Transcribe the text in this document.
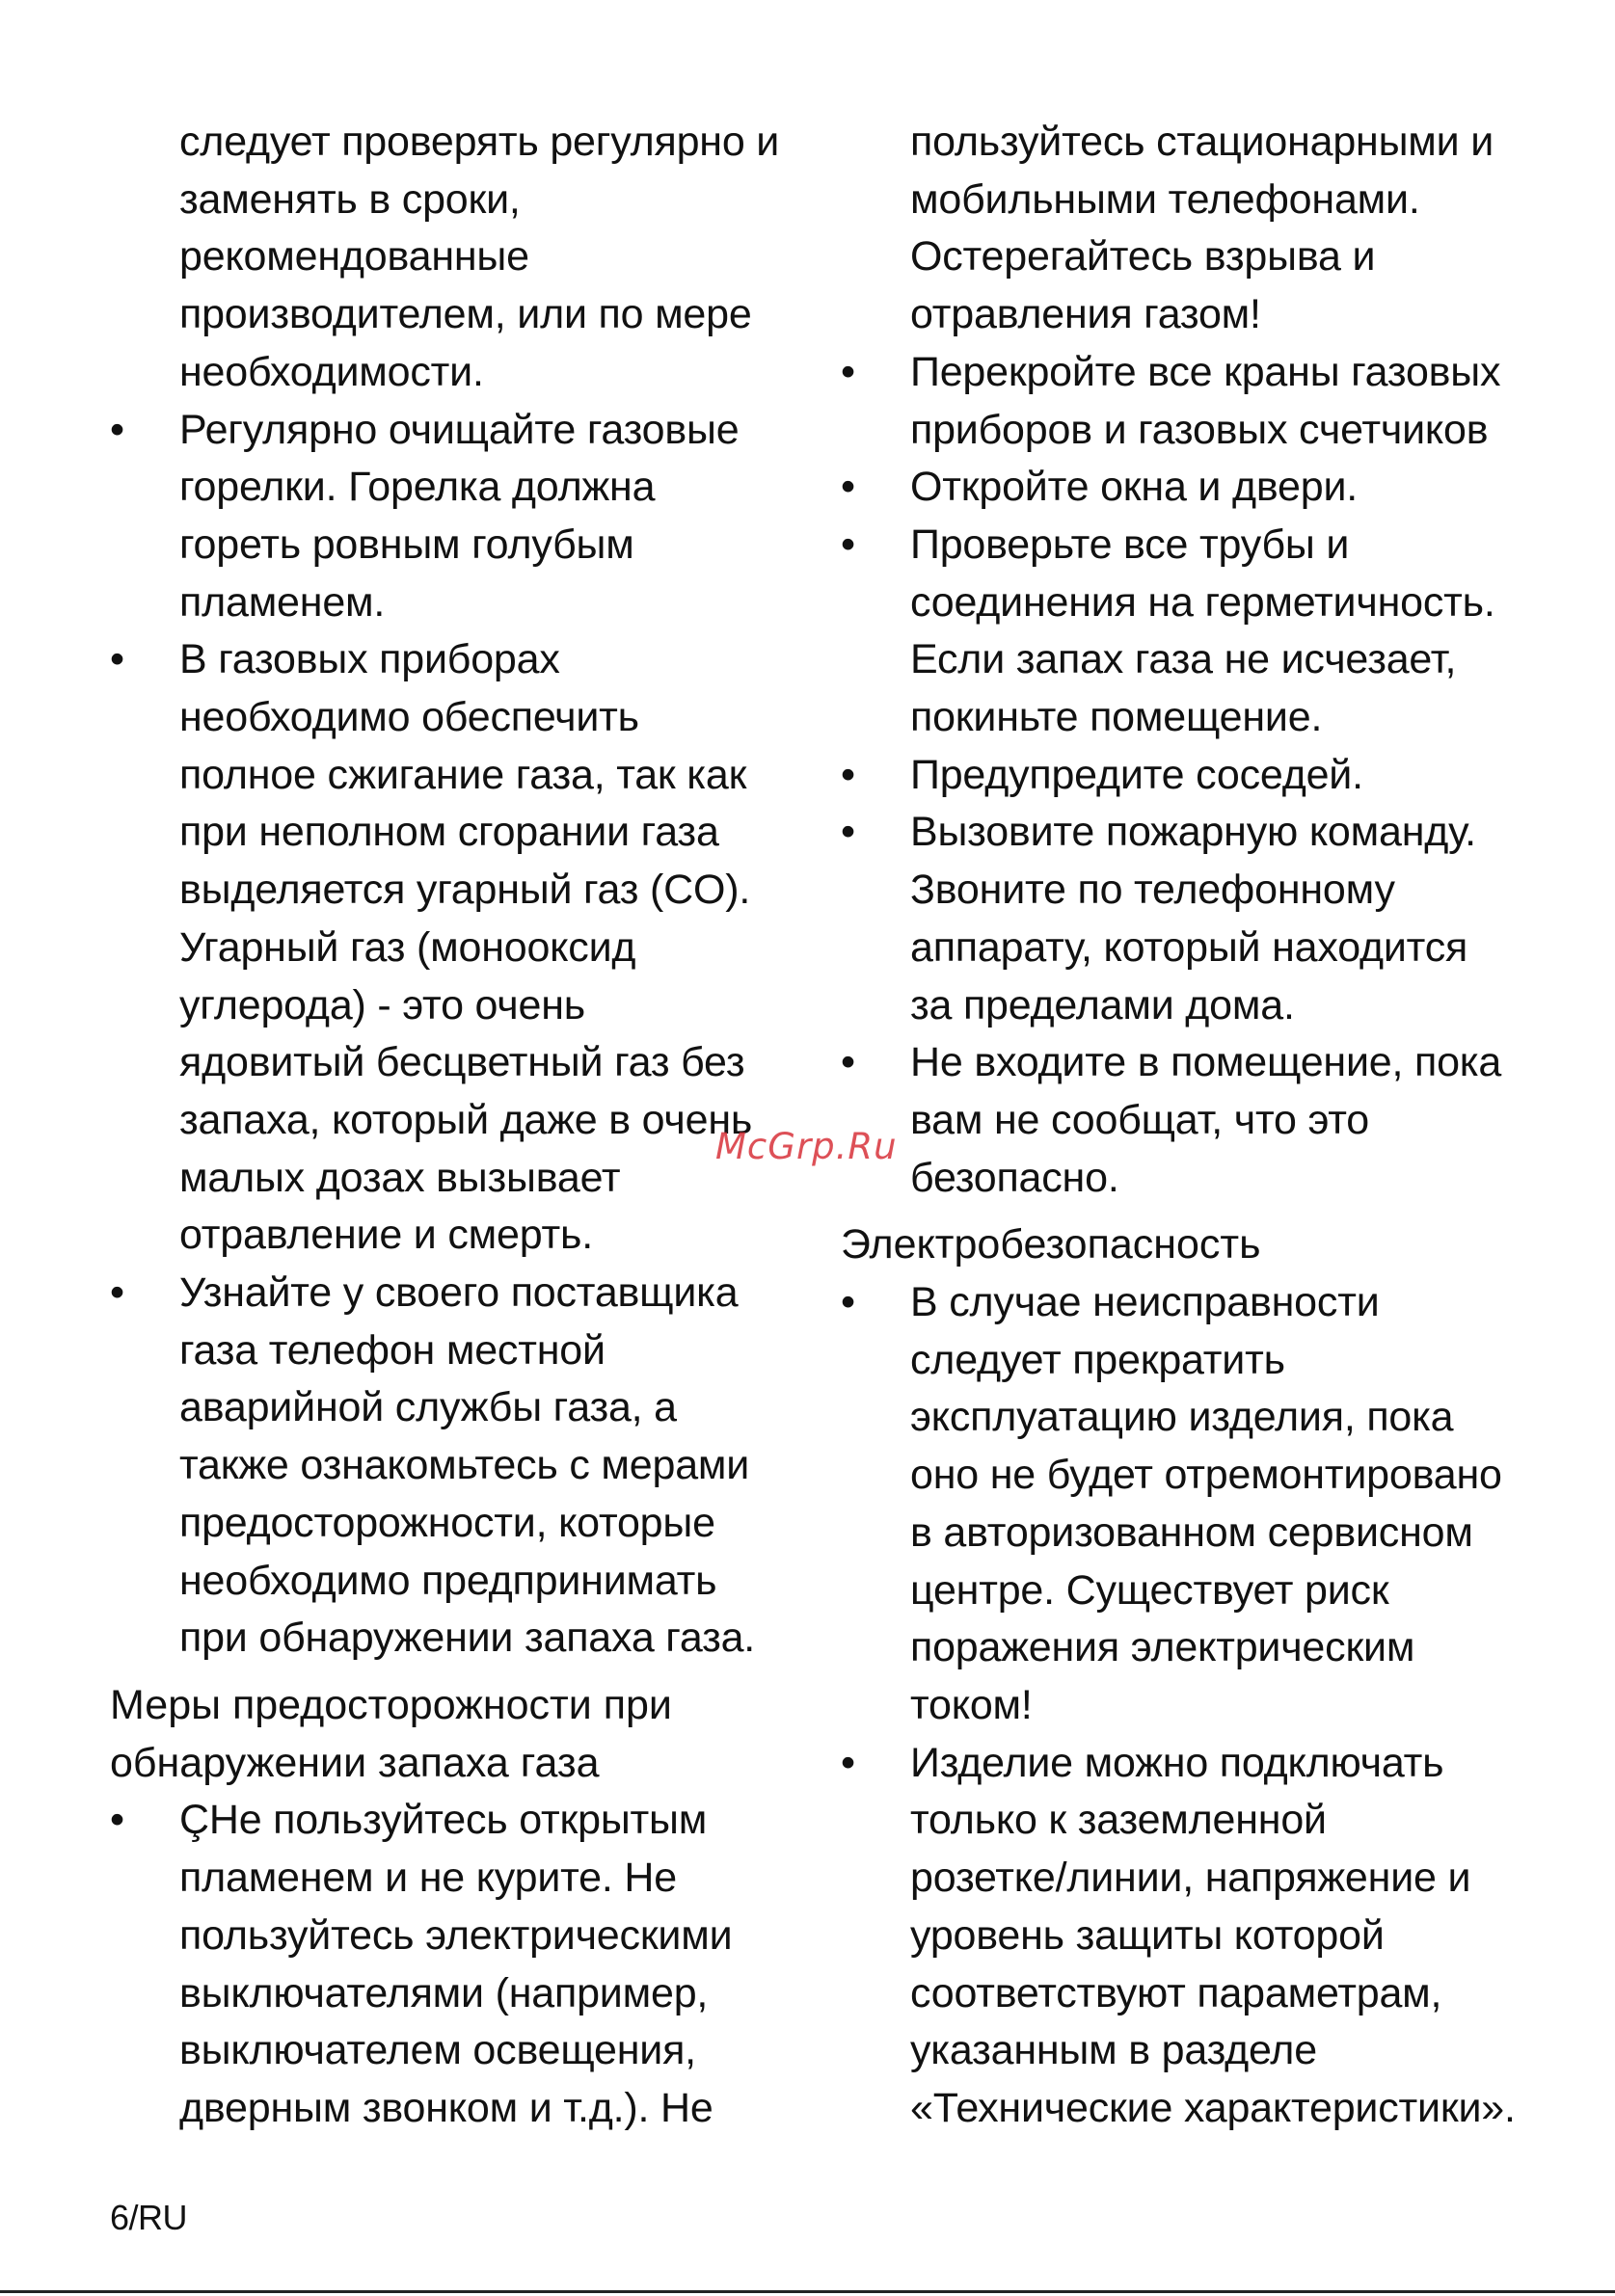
следует проверять регулярно и
заменять в сроки,
рекомендованные
производителем, или по мере
необходимости.
•	Регулярно очищайте газовые
горелки. Горелка должна
гореть ровным голубым
пламенем.
•	В газовых приборах
необходимо обеспечить
полное сжигание газа, так как
при неполном сгорании газа
выделяется угарный газ (CO).
Угарный газ (монооксид
углерода) - это очень
ядовитый бесцветный газ без
запаха, который даже в очень
малых дозах вызывает
отравление и смерть.
•	Узнайте у своего поставщика
газа телефон местной
аварийной службы газа, а
также ознакомьтесь с мерами
предосторожности, которые
необходимо предпринимать
при обнаружении запаха газа.
Меры предосторожности при
обнаружении запаха газа
•	ÇНе пользуйтесь открытым
пламенем и не курите. Не
пользуйтесь электрическими
выключателями (например,
выключателем освещения,
дверным звонком и т.д.). Не
пользуйтесь стационарными и
мобильными телефонами.
Остерегайтесь взрыва и
отравления газом!
•	Перекройте все краны газовых
приборов и газовых счетчиков
•	Откройте окна и двери.
•	Проверьте все трубы и
соединения на герметичность.
Если запах газа не исчезает,
покиньте помещение.
•	Предупредите соседей.
•	Вызовите пожарную команду.
Звоните по телефонному
аппарату, который находится
за пределами дома.
•	Не входите в помещение, пока
вам не сообщат, что это
безопасно.
Электробезопасность
•	В случае неисправности
следует прекратить
эксплуатацию изделия, пока
оно не будет отремонтировано
в авторизованном сервисном
центре. Существует риск
поражения электрическим
током!
•	Изделие можно подключать
только к заземленной
розетке/линии, напряжение и
уровень защиты которой
соответствуют параметрам,
указанным в разделе
«Технические характеристики».
McGrp.Ru
6/RU
